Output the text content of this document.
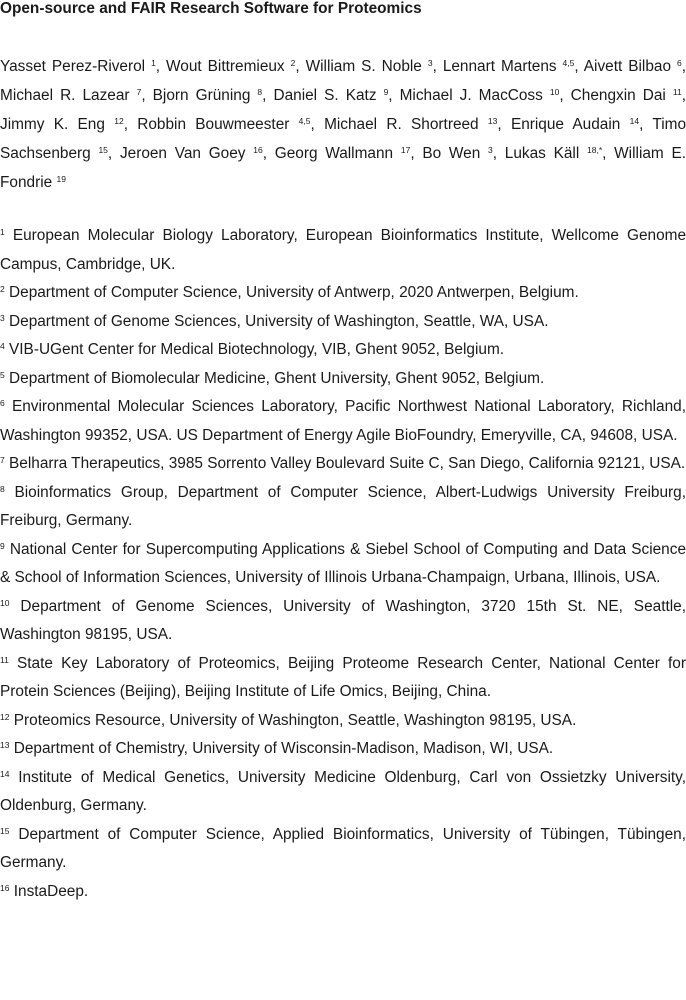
Open-source and FAIR Research Software for Proteomics
Yasset Perez-Riverol $^1$, Wout Bittremieux $^2$, William S. Noble $^3$, Lennart Martens $^{4,5}$, Aivett Bilbao $^6$, Michael R. Lazear $^7$, Bjorn Grüning $^8$, Daniel S. Katz $^9$, Michael J. MacCoss $^{10}$, Chengxin Dai $^{11}$, Jimmy K. Eng $^{12}$, Robbin Bouwmeester $^{4,5}$, Michael R. Shortreed $^{13}$, Enrique Audain $^{14}$, Timo Sachsenberg $^{15}$, Jeroen Van Goey $^{16}$, Georg Wallmann $^{17}$, Bo Wen $^3$, Lukas Käll $^{18,*}$, William E. Fondrie $^{19}$
$^1$ European Molecular Biology Laboratory, European Bioinformatics Institute, Wellcome Genome Campus, Cambridge, UK.
$^2$ Department of Computer Science, University of Antwerp, 2020 Antwerpen, Belgium.
$^3$ Department of Genome Sciences, University of Washington, Seattle, WA, USA.
$^4$ VIB-UGent Center for Medical Biotechnology, VIB, Ghent 9052, Belgium.
$^5$ Department of Biomolecular Medicine, Ghent University, Ghent 9052, Belgium.
$^6$ Environmental Molecular Sciences Laboratory, Pacific Northwest National Laboratory, Richland, Washington 99352, USA. US Department of Energy Agile BioFoundry, Emeryville, CA, 94608, USA.
$^7$ Belharra Therapeutics, 3985 Sorrento Valley Boulevard Suite C, San Diego, California 92121, USA.
$^8$ Bioinformatics Group, Department of Computer Science, Albert-Ludwigs University Freiburg, Freiburg, Germany.
$^9$ National Center for Supercomputing Applications & Siebel School of Computing and Data Science & School of Information Sciences, University of Illinois Urbana-Champaign, Urbana, Illinois, USA.
$^{10}$ Department of Genome Sciences, University of Washington, 3720 15th St. NE, Seattle, Washington 98195, USA.
$^{11}$ State Key Laboratory of Proteomics, Beijing Proteome Research Center, National Center for Protein Sciences (Beijing), Beijing Institute of Life Omics, Beijing, China.
$^{12}$ Proteomics Resource, University of Washington, Seattle, Washington 98195, USA.
$^{13}$ Department of Chemistry, University of Wisconsin-Madison, Madison, WI, USA.
$^{14}$ Institute of Medical Genetics, University Medicine Oldenburg, Carl von Ossietzky University, Oldenburg, Germany.
$^{15}$ Department of Computer Science, Applied Bioinformatics, University of Tübingen, Tübingen, Germany.
$^{16}$ InstaDeep.
